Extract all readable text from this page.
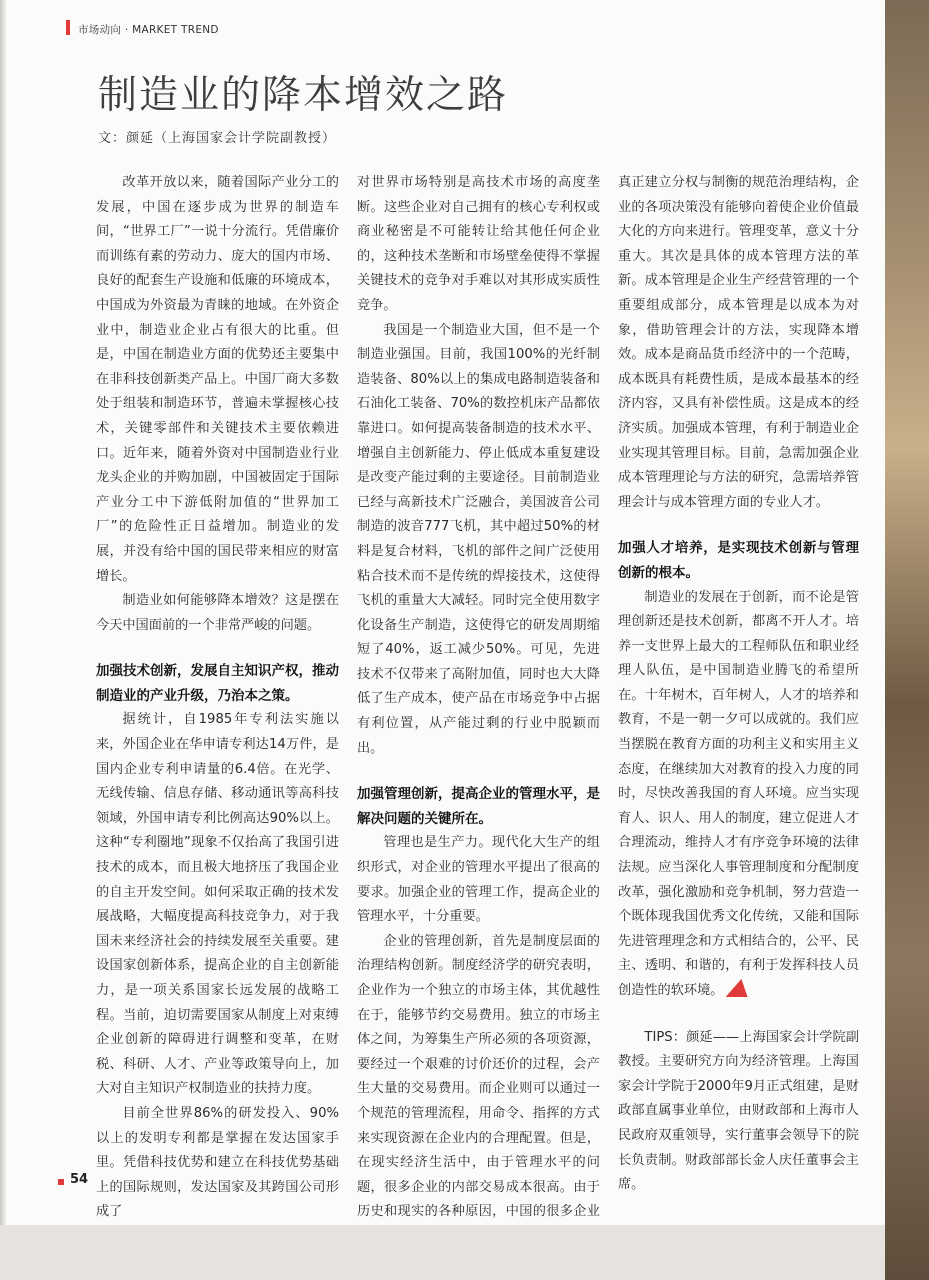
市场动向 · MARKET TREND
制造业的降本增效之路
文：颜延（上海国家会计学院副教授）

改革开放以来，随着国际产业分工的发展，中国在逐步成为世界的制造车间，“世界工厂”一说十分流行。凭借廉价而训练有素的劳动力、庞大的国内市场、良好的配套生产设施和低廉的环境成本，中国成为外资最为青睐的地域。在外资企业中，制造业企业占有很大的比重。但是，中国在制造业方面的优势还主要集中在非科技创新类产品上。中国厂商大多数处于组装和制造环节，普遍未掌握核心技术，关键零部件和关键技术主要依赖进口。近年来，随着外资对中国制造业行业龙头企业的并购加剧，中国被固定于国际产业分工中下游低附加值的“世界加工厂”的危险性正日益增加。制造业的发展，并没有给中国的国民带来相应的财富增长。

制造业如何能够降本增效？这是摆在今天中国面前的一个非常严峻的问题。

加强技术创新，发展自主知识产权，推动制造业的产业升级，乃治本之策。

据统计，自1985年专利法实施以来，外国企业在华申请专利达14万件，是国内企业专利申请量的6.4倍。在光学、无线传输、信息存储、移动通讯等高科技领域，外国申请专利比例高达90%以上。这种“专利圈地”现象不仅抬高了我国引进技术的成本，而且极大地挤压了我国企业的自主开发空间。如何采取正确的技术发展战略，大幅度提高科技竞争力，对于我国未来经济社会的持续发展至关重要。建设国家创新体系，提高企业的自主创新能力，是一项关系国家长远发展的战略工程。当前，迫切需要国家从制度上对束缚企业创新的障碍进行调整和变革，在财税、科研、人才、产业等政策导向上，加大对自主知识产权制造业的扶持力度。

目前全世界86%的研发投入、90%以上的发明专利都是掌握在发达国家手里。凭借科技优势和建立在科技优势基础上的国际规则，发达国家及其跨国公司形成了

对世界市场特别是高技术市场的高度垄断。这些企业对自己拥有的核心专利权或商业秘密是不可能转让给其他任何企业的，这种技术垄断和市场壁垒使得不掌握关键技术的竞争对手难以对其形成实质性竞争。

我国是一个制造业大国，但不是一个制造业强国。目前，我国100%的光纤制造装备、80%以上的集成电路制造装备和石油化工装备、70%的数控机床产品都依靠进口。如何提高装备制造的技术水平、增强自主创新能力、停止低成本重复建设是改变产能过剩的主要途径。目前制造业已经与高新技术广泛融合，美国波音公司制造的波音777飞机，其中超过50%的材料是复合材料，飞机的部件之间广泛使用粘合技术而不是传统的焊接技术，这使得飞机的重量大大减轻。同时完全使用数字化设备生产制造，这使得它的研发周期缩短了40%，返工减少50%。可见，先进技术不仅带来了高附加值，同时也大大降低了生产成本，使产品在市场竞争中占据有利位置，从产能过剩的行业中脱颖而出。

加强管理创新，提高企业的管理水平，是解决问题的关键所在。

管理也是生产力。现代化大生产的组织形式，对企业的管理水平提出了很高的要求。加强企业的管理工作，提高企业的管理水平，十分重要。

企业的管理创新，首先是制度层面的治理结构创新。制度经济学的研究表明，企业作为一个独立的市场主体，其优越性在于，能够节约交易费用。独立的市场主体之间，为筹集生产所必须的各项资源，要经过一个艰难的讨价还价的过程，会产生大量的交易费用。而企业则可以通过一个规范的管理流程，用命令、指挥的方式来实现资源在企业内的合理配置。但是，在现实经济生活中，由于管理水平的问题，很多企业的内部交易成本很高。由于历史和现实的各种原因，中国的很多企业

真正建立分权与制衡的规范治理结构，企业的各项决策没有能够向着使企业价值最大化的方向来进行。管理变革，意义十分重大。其次是具体的成本管理方法的革新。成本管理是企业生产经营管理的一个重要组成部分，成本管理是以成本为对象，借助管理会计的方法，实现降本增效。成本是商品货币经济中的一个范畴，成本既具有耗费性质，是成本最基本的经济内容，又具有补偿性质。这是成本的经济实质。加强成本管理，有利于制造业企业实现其管理目标。目前，急需加强企业成本管理理论与方法的研究，急需培养管理会计与成本管理方面的专业人才。

加强人才培养，是实现技术创新与管理创新的根本。

制造业的发展在于创新，而不论是管理创新还是技术创新，都离不开人才。培养一支世界上最大的工程师队伍和职业经理人队伍，是中国制造业腾飞的希望所在。十年树木，百年树人，人才的培养和教育，不是一朝一夕可以成就的。我们应当摆脱在教育方面的功利主义和实用主义态度，在继续加大对教育的投入力度的同时，尽快改善我国的育人环境。应当实现育人、识人、用人的制度，建立促进人才合理流动，维持人才有序竞争环境的法律法规。应当深化人事管理制度和分配制度改革，强化激励和竞争机制，努力营造一个既体现我国优秀文化传统，又能和国际先进管理理念和方式相结合的，公平、民主、透明、和谐的，有利于发挥科技人员创造性的软环境。

TIPS：颜延——上海国家会计学院副教授。主要研究方向为经济管理。上海国家会计学院于2000年9月正式组建，是财政部直属事业单位，由财政部和上海市人民政府双重领导，实行董事会领导下的院长负责制。财政部部长金人庆任董事会主席。

54
